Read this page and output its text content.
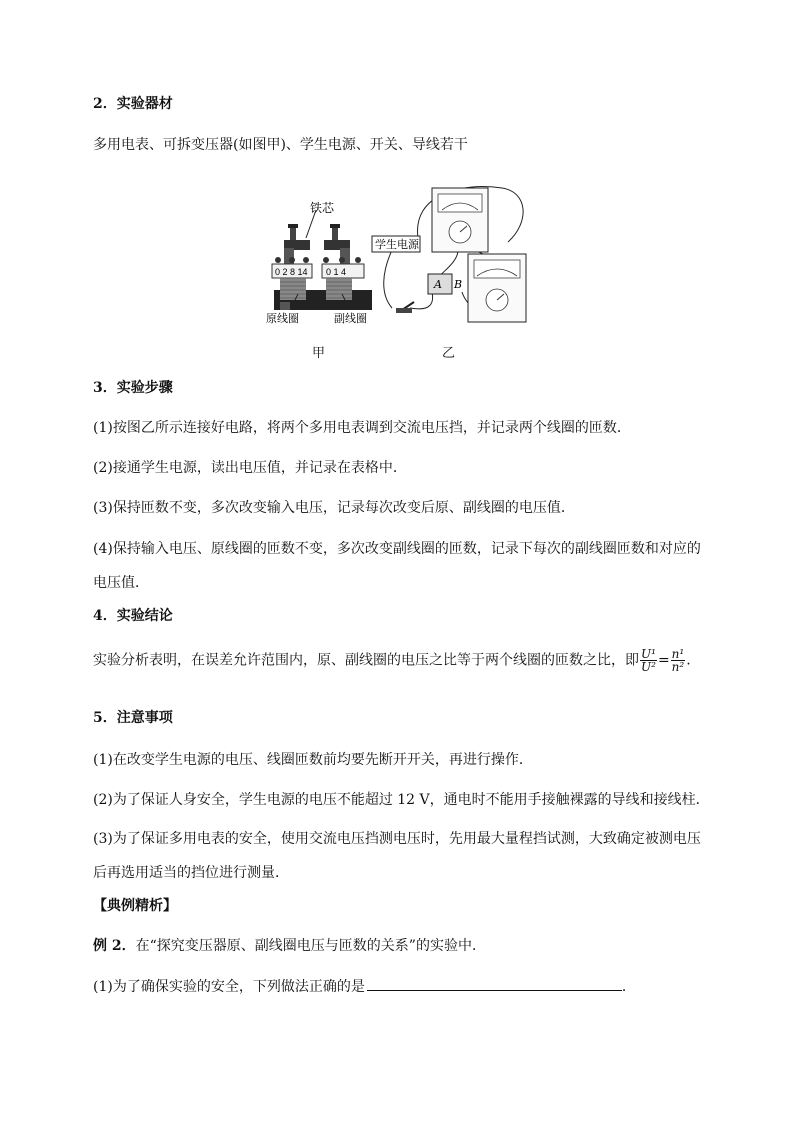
2．实验器材
多用电表、可拆变压器(如图甲)、学生电源、开关、导线若干
铁芯
0 2 8 14 0 1 4
原线圈	副线圈
学生电源
A B
甲	乙
3．实验步骤
(1)按图乙所示连接好电路，将两个多用电表调到交流电压挡，并记录两个线圈的匝数．
(2)接通学生电源，读出电压值，并记录在表格中．
(3)保持匝数不变，多次改变输入电压，记录每次改变后原、副线圈的电压值．
(4)保持输入电压、原线圈的匝数不变，多次改变副线圈的匝数，记录下每次的副线圈匝数和对应的电压值．
4．实验结论
实验分析表明，在误差允许范围内，原、副线圈的电压之比等于两个线圈的匝数之比，即 $\frac{\text{U¹}}{\text{U²}} = \frac{\text{n¹}}{\text{n²}}$ .
5．注意事项
(1)在改变学生电源的电压、线圈匝数前均要先断开开关，再进行操作．
(2)为了保证人身安全，学生电源的电压不能超过 12 V，通电时不能用手接触裸露的导线和接线柱．
(3)为了保证多用电表的安全，使用交流电压挡测电压时，先用最大量程挡试测，大致确定被测电压后再选用适当的挡位进行测量．
【典例精析】
例 2．在“探究变压器原、副线圈电压与匝数的关系”的实验中．
(1)为了确保实验的安全，下列做法正确的是	．
